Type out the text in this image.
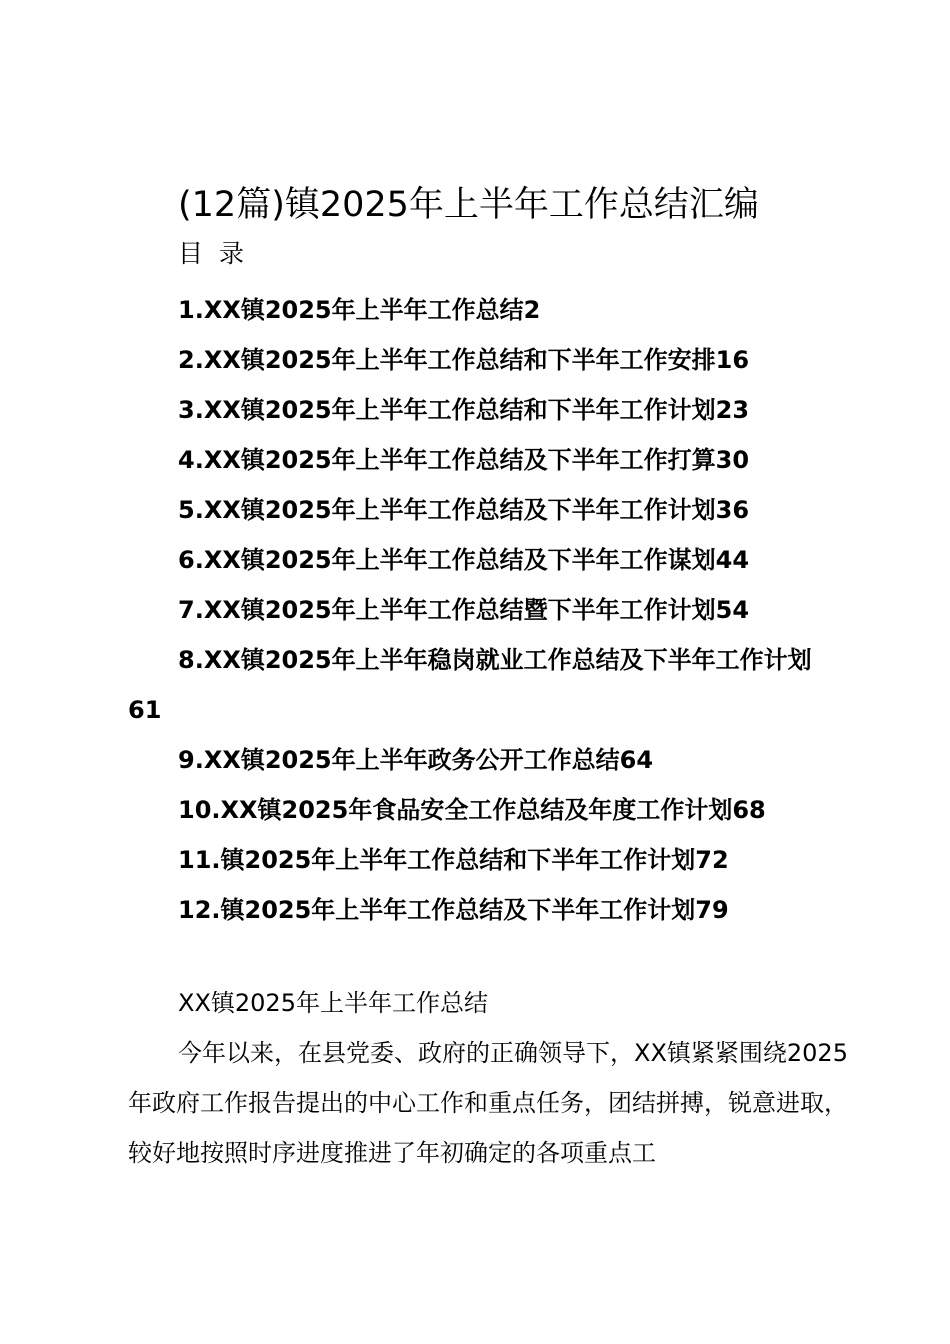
(12篇)镇2025年上半年工作总结汇编
目 录
1.XX镇2025年上半年工作总结2
2.XX镇2025年上半年工作总结和下半年工作安排16
3.XX镇2025年上半年工作总结和下半年工作计划23
4.XX镇2025年上半年工作总结及下半年工作打算30
5.XX镇2025年上半年工作总结及下半年工作计划36
6.XX镇2025年上半年工作总结及下半年工作谋划44
7.XX镇2025年上半年工作总结暨下半年工作计划54
8.XX镇2025年上半年稳岗就业工作总结及下半年工作计划61
9.XX镇2025年上半年政务公开工作总结64
10.XX镇2025年食品安全工作总结及年度工作计划68
11.镇2025年上半年工作总结和下半年工作计划72
12.镇2025年上半年工作总结及下半年工作计划79
XX镇2025年上半年工作总结

今年以来，在县党委、政府的正确领导下，XX镇紧紧围绕2025年政府工作报告提出的中心工作和重点任务，团结拼搏，锐意进取，较好地按照时序进度推进了年初确定的各项重点工
